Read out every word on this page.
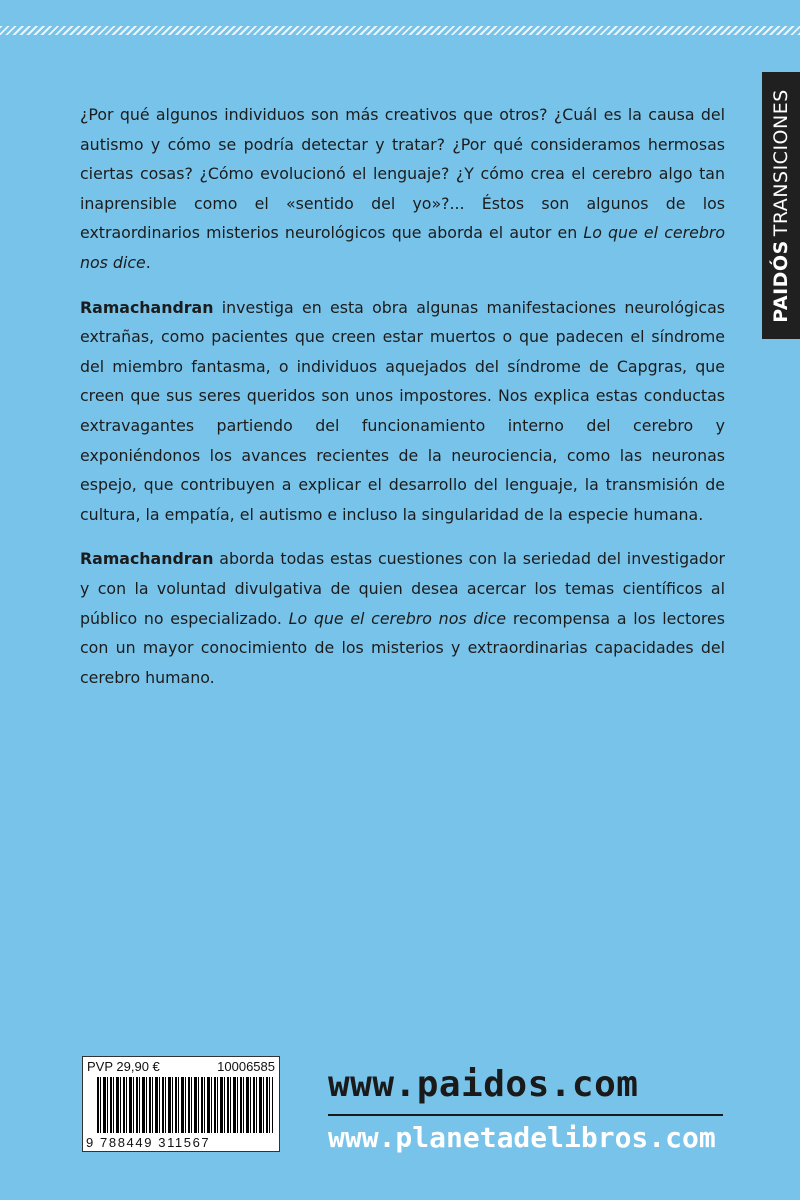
PAIDÓSTRANSICIONES

¿Por qué algunos individuos son más creativos que otros? ¿Cuál es la causa del autismo y cómo se podría detectar y tratar? ¿Por qué consideramos hermosas ciertas cosas? ¿Cómo evolucionó el lenguaje? ¿Y cómo crea el cerebro algo tan inaprensible como el «sentido del yo»?... Éstos son algunos de los extraordinarios misterios neurológicos que aborda el autor en Lo que el cerebro nos dice.

Ramachandran investiga en esta obra algunas manifestaciones neurológicas extrañas, como pacientes que creen estar muertos o que padecen el síndrome del miembro fantasma, o individuos aquejados del síndrome de Capgras, que creen que sus seres queridos son unos impostores. Nos explica estas conductas extravagantes partiendo del funcionamiento interno del cerebro y exponiéndonos los avances recientes de la neurociencia, como las neuronas espejo, que contribuyen a explicar el desarrollo del lenguaje, la transmisión de cultura, la empatía, el autismo e incluso la singularidad de la especie humana.

Ramachandran aborda todas estas cuestiones con la seriedad del investigador y con la voluntad divulgativa de quien desea acercar los temas científicos al público no especializado. Lo que el cerebro nos dice recompensa a los lectores con un mayor conocimiento de los misterios y extraordinarias capacidades del cerebro humano.

PVP 29,90 €	10006585
9 788449 311567
www.paidos.com
www.planetadelibros.com
